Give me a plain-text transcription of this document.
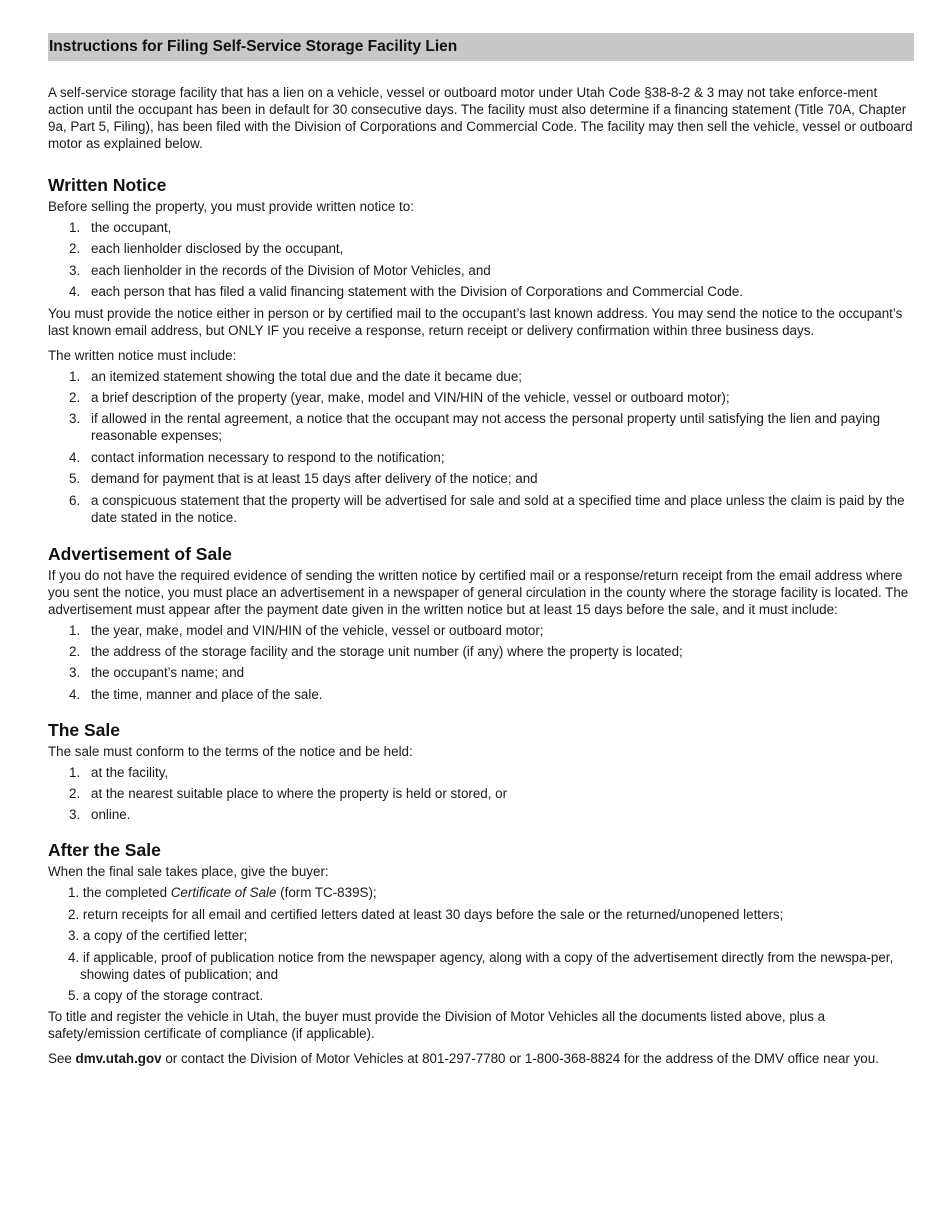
Instructions for Filing Self-Service Storage Facility Lien

A self-service storage facility that has a lien on a vehicle, vessel or outboard motor under Utah Code §38-8-2 & 3 may not take enforce-ment action until the occupant has been in default for 30 consecutive days. The facility must also determine if a financing statement (Title 70A, Chapter 9a, Part 5, Filing), has been filed with the Division of Corporations and Commercial Code. The facility may then sell the vehicle, vessel or outboard motor as explained below.

Written Notice

Before selling the property, you must provide written notice to:

1. the occupant,
2. each lienholder disclosed by the occupant,
3. each lienholder in the records of the Division of Motor Vehicles, and
4. each person that has filed a valid financing statement with the Division of Corporations and Commercial Code.

You must provide the notice either in person or by certified mail to the occupant’s last known address. You may send the notice to the occupant’s last known email address, but ONLY IF you receive a response, return receipt or delivery confirmation within three business days.

The written notice must include:

1. an itemized statement showing the total due and the date it became due;
2. a brief description of the property (year, make, model and VIN/HIN of the vehicle, vessel or outboard motor);
3. if allowed in the rental agreement, a notice that the occupant may not access the personal property until satisfying the lien and paying reasonable expenses;
4. contact information necessary to respond to the notification;
5. demand for payment that is at least 15 days after delivery of the notice; and
6. a conspicuous statement that the property will be advertised for sale and sold at a specified time and place unless the claim is paid by the date stated in the notice.
Advertisement of Sale

If you do not have the required evidence of sending the written notice by certified mail or a response/return receipt from the email address where you sent the notice, you must place an advertisement in a newspaper of general circulation in the county where the storage facility is located. The advertisement must appear after the payment date given in the written notice but at least 15 days before the sale, and it must include:

1. the year, make, model and VIN/HIN of the vehicle, vessel or outboard motor;
2. the address of the storage facility and the storage unit number (if any) where the property is located;
3. the occupant’s name; and
4. the time, manner and place of the sale.
The Sale

The sale must conform to the terms of the notice and be held:

1. at the facility,
2. at the nearest suitable place to where the property is held or stored, or
3. online.
After the Sale

When the final sale takes place, give the buyer:

1. the completed Certificate of Sale (form TC-839S);
2. return receipts for all email and certified letters dated at least 30 days before the sale or the returned/unopened letters;
3. a copy of the certified letter;
4. if applicable, proof of publication notice from the newspaper agency, along with a copy of the advertisement directly from the newspa-per, showing dates of publication; and
5. a copy of the storage contract.

To title and register the vehicle in Utah, the buyer must provide the Division of Motor Vehicles all the documents listed above, plus a safety/emission certificate of compliance (if applicable).

See dmv.utah.gov or contact the Division of Motor Vehicles at 801-297-7780 or 1-800-368-8824 for the address of the DMV office near you.
